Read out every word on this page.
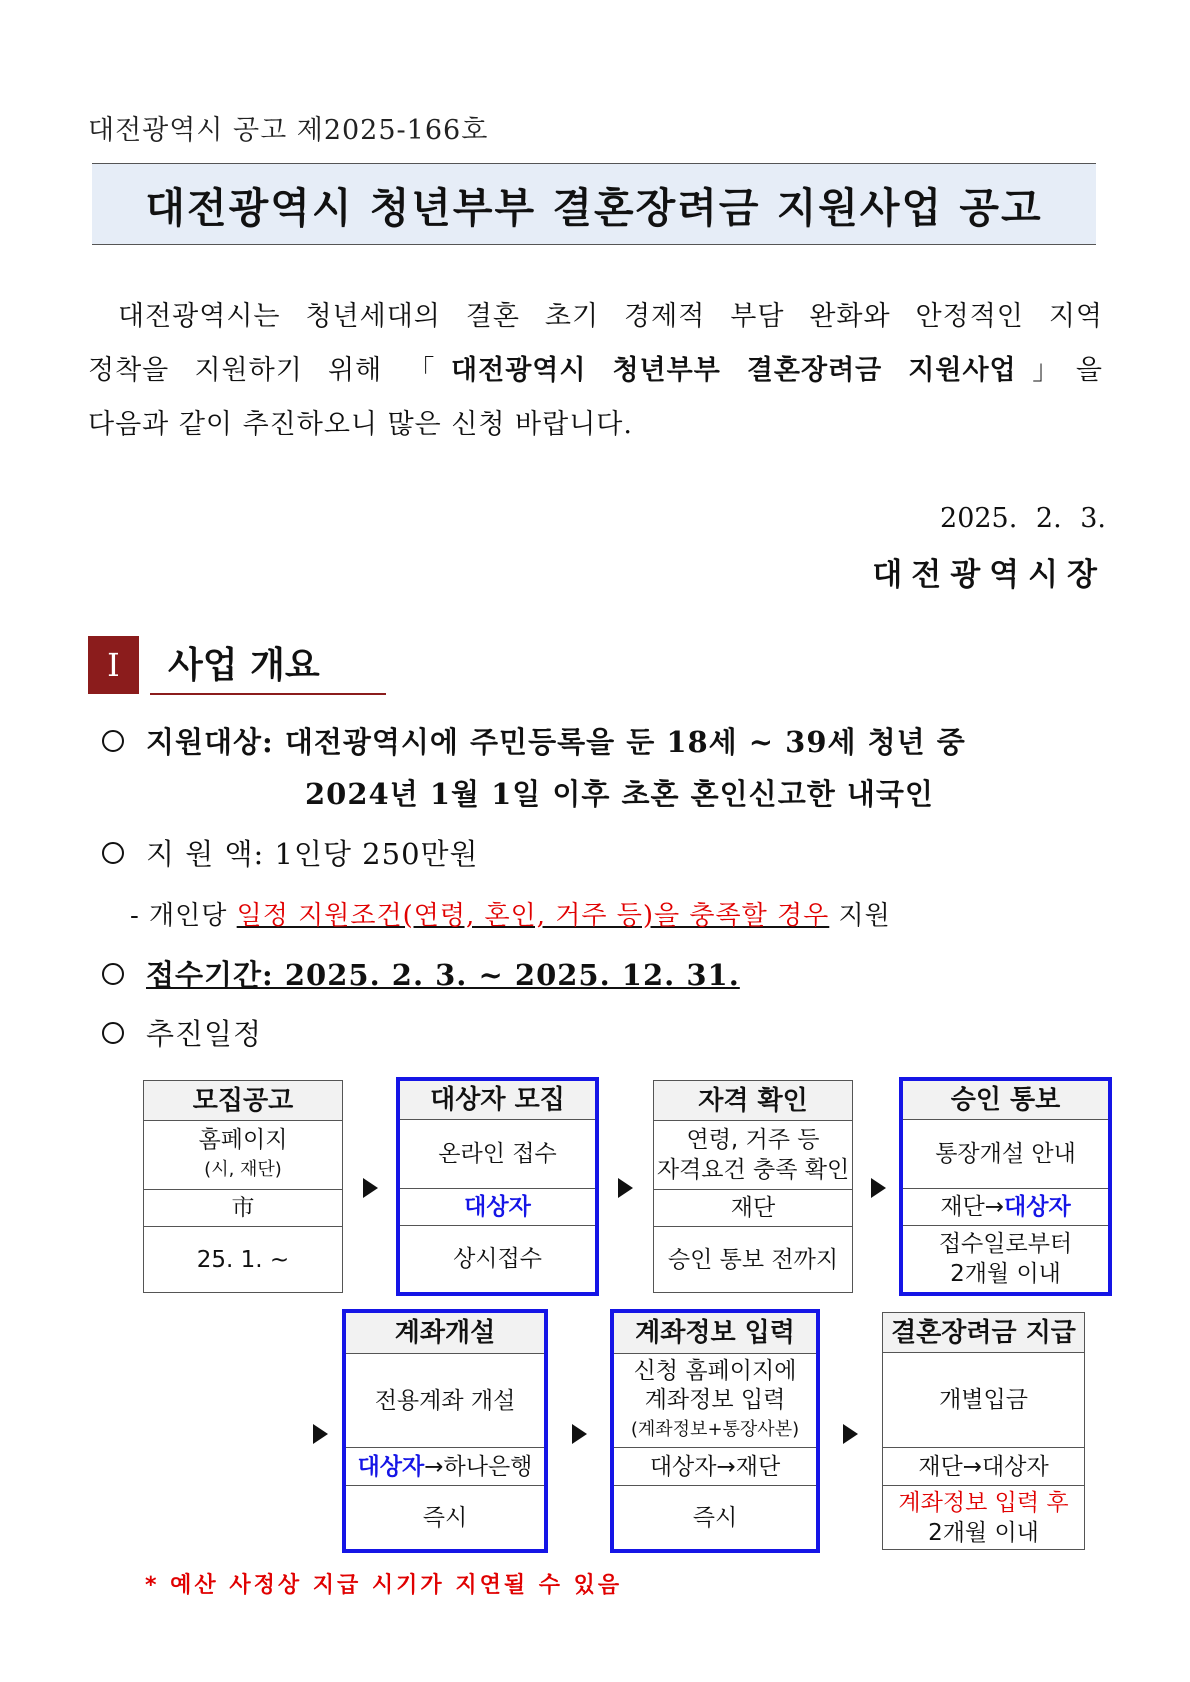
대전광역시 공고 제2025-166호
대전광역시 청년부부 결혼장려금 지원사업 공고
대전광역시는 청년세대의 결혼 초기 경제적 부담 완화와 안정적인 지역
정착을 지원하기 위해 「대전광역시 청년부부 결혼장려금 지원사업」을
다음과 같이 추진하오니 많은 신청 바랍니다.
2025. 2. 3.
대전광역시장
I	사업 개요
지원대상: 대전광역시에 주민등록을 둔 18세 ~ 39세 청년 중
2024년 1월 1일 이후 초혼 혼인신고한 내국인
지 원 액: 1인당 250만원
- 개인당 일정 지원조건(연령, 혼인, 거주 등)을 충족할 경우 지원
접수기간: 2025. 2. 3. ~ 2025. 12. 31.
추진일정
모집공고
홈페이지
(시, 재단)
市
25. 1. ~
대상자 모집
온라인 접수
대상자
상시접수
자격 확인
연령, 거주 등
자격요건 충족 확인
재단
승인 통보 전까지
승인 통보
통장개설 안내
재단→ 대상자
접수일로부터
2개월 이내
계좌개설
전용계좌 개설
대상자 →하나은행
즉시
계좌정보 입력
신청 홈페이지에
계좌정보 입력
(계좌정보+통장사본)
대상자→재단
즉시
결혼장려금 지급
개별입금
재단→대상자
계좌정보 입력 후
2개월 이내
* 예산 사정상 지급 시기가 지연될 수 있음
